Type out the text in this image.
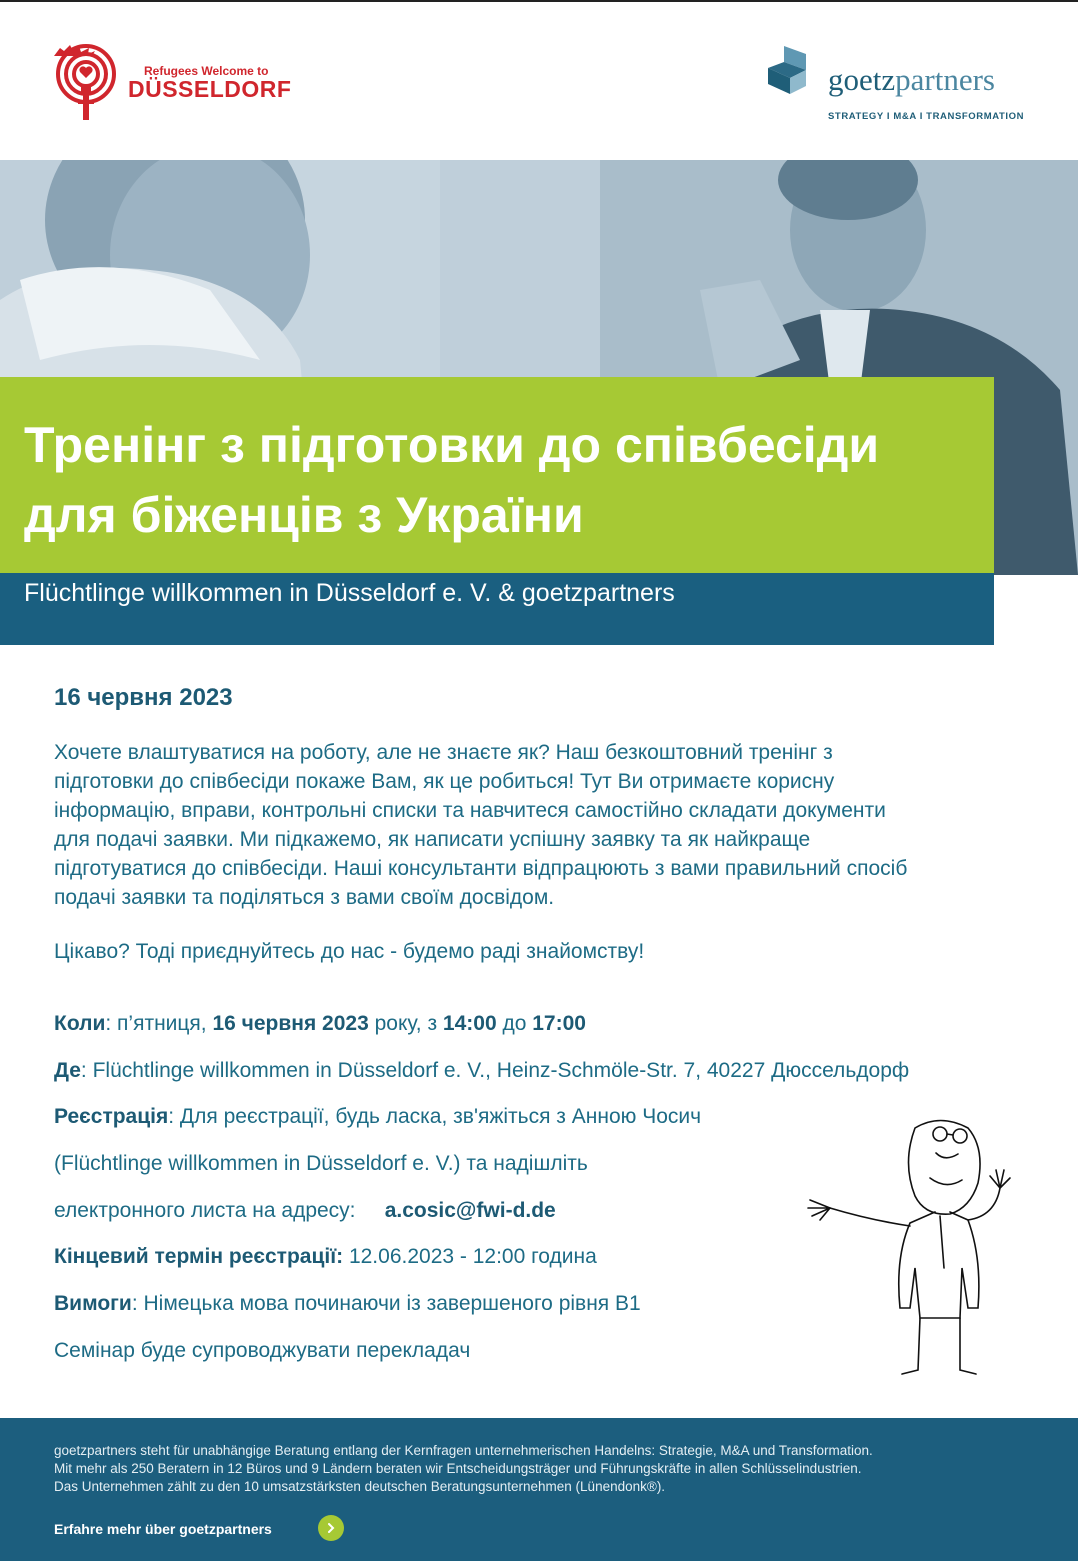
Refugees Welcome to
DÜSSELDORF	goetzpartners
STRATEGY I M&A I TRANSFORMATION
Тренінг з підготовки до співбесіди
для біженців з України
Flüchtlinge willkommen in Düsseldorf e. V. & goetzpartners
16 червня 2023

Хочете влаштуватися на роботу, але не знаєте як? Наш безкоштовний тренінг з
підготовки до співбесіди покаже Вам, як це робиться! Тут Ви отримаєте корисну
інформацію, вправи, контрольні списки та навчитеся самостійно складати документи
для подачі заявки. Ми підкажемо, як написати успішну заявку та як найкраще
підготуватися до співбесіди. Наші консультанти відпрацюють з вами правильний спосіб
подачі заявки та поділяться з вами своїм досвідом.

Цікаво? Тоді приєднуйтесь до нас - будемо раді знайомству!
Коли: п’ятниця, 16 червня 2023 року, з 14:00 до 17:00
Де: Flüchtlinge willkommen in Düsseldorf e. V., Heinz-Schmöle-Str. 7, 40227 Дюссельдорф
Реєстрація: Для реєстрації, будь ласка, зв'яжіться з Анною Чосич
(Flüchtlinge willkommen in Düsseldorf e. V.) та надішліть
електронного листа на адресу: a.cosic@fwi-d.de
Кінцевий термін реєстрації: 12.06.2023 - 12:00 година
Вимоги: Німецька мова починаючи із завершеного рівня B1
Семінар буде супроводжувати перекладач

goetzpartners steht für unabhängige Beratung entlang der Kernfragen unternehmerischen Handelns: Strategie, M&A und Transformation.
Mit mehr als 250 Beratern in 12 Büros und 9 Ländern beraten wir Entscheidungsträger und Führungskräfte in allen Schlüsselindustrien.
Das Unternehmen zählt zu den 10 umsatzstärksten deutschen Beratungsunternehmen (Lünendonk®).

Erfahre mehr über goetzpartners
